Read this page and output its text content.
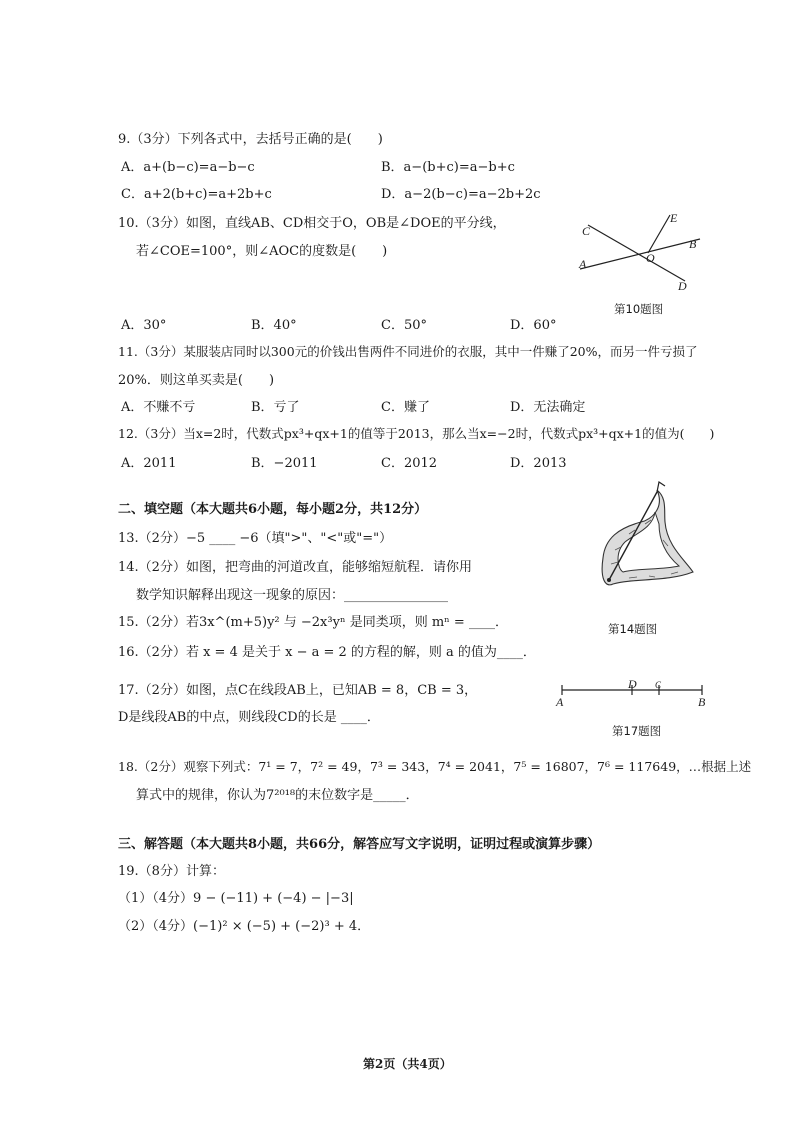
9.（3分）下列各式中，去括号正确的是(　　)
A．a+(b−c)=a−b−c	B．a−(b+c)=a−b+c
C．a+2(b+c)=a+2b+c	D．a−2(b−c)=a−2b+2c
10.（3分）如图，直线AB、CD相交于O，OB是∠DOE的平分线，
若∠COE=100°，则∠AOC的度数是(　　)
C
E
A	O
B
D
第10题图
A．30°	B．40°	C．50°	D．60°
11.（3分）某服装店同时以300元的价钱出售两件不同进价的衣服，其中一件赚了20%，而另一件亏损了
20%．则这单买卖是(　　)
A．不赚不亏	B．亏了	C．赚了	D．无法确定
12.（3分）当x=2时，代数式px³+qx+1的值等于2013，那么当x=−2时，代数式px³+qx+1的值为(　　)
A．2011	B．−2011	C．2012	D．2013
二、填空题（本大题共6小题，每小题2分，共12分）
第14题图
13.（2分）−5 ____ −6（填">"、"<"或"="）
14.（2分）如图，把弯曲的河道改直，能够缩短航程．请你用
数学知识解释出现这一现象的原因：________________
15.（2分）若3x^(m+5)y² 与 −2x³yⁿ 是同类项，则 mⁿ = ____．
16.（2分）若 x = 4 是关于 x − a = 2 的方程的解，则 a 的值为____．
17.（2分）如图，点C在线段AB上，已知AB = 8，CB = 3，
D是线段AB的中点，则线段CD的长是 ____．
A
D C
B
第17题图
18.（2分）观察下列式：7¹ = 7，7² = 49，7³ = 343，7⁴ = 2041，7⁵ = 16807，7⁶ = 117649，…根据上述
算式中的规律，你认为7²⁰¹⁸的末位数字是_____．
三、解答题（本大题共8小题，共66分，解答应写文字说明，证明过程或演算步骤）
19.（8分）计算：
（1）（4分）9 − (−11) + (−4) − |−3|
（2）（4分）(−1)² × (−5) + (−2)³ + 4．
第2页（共4页）
